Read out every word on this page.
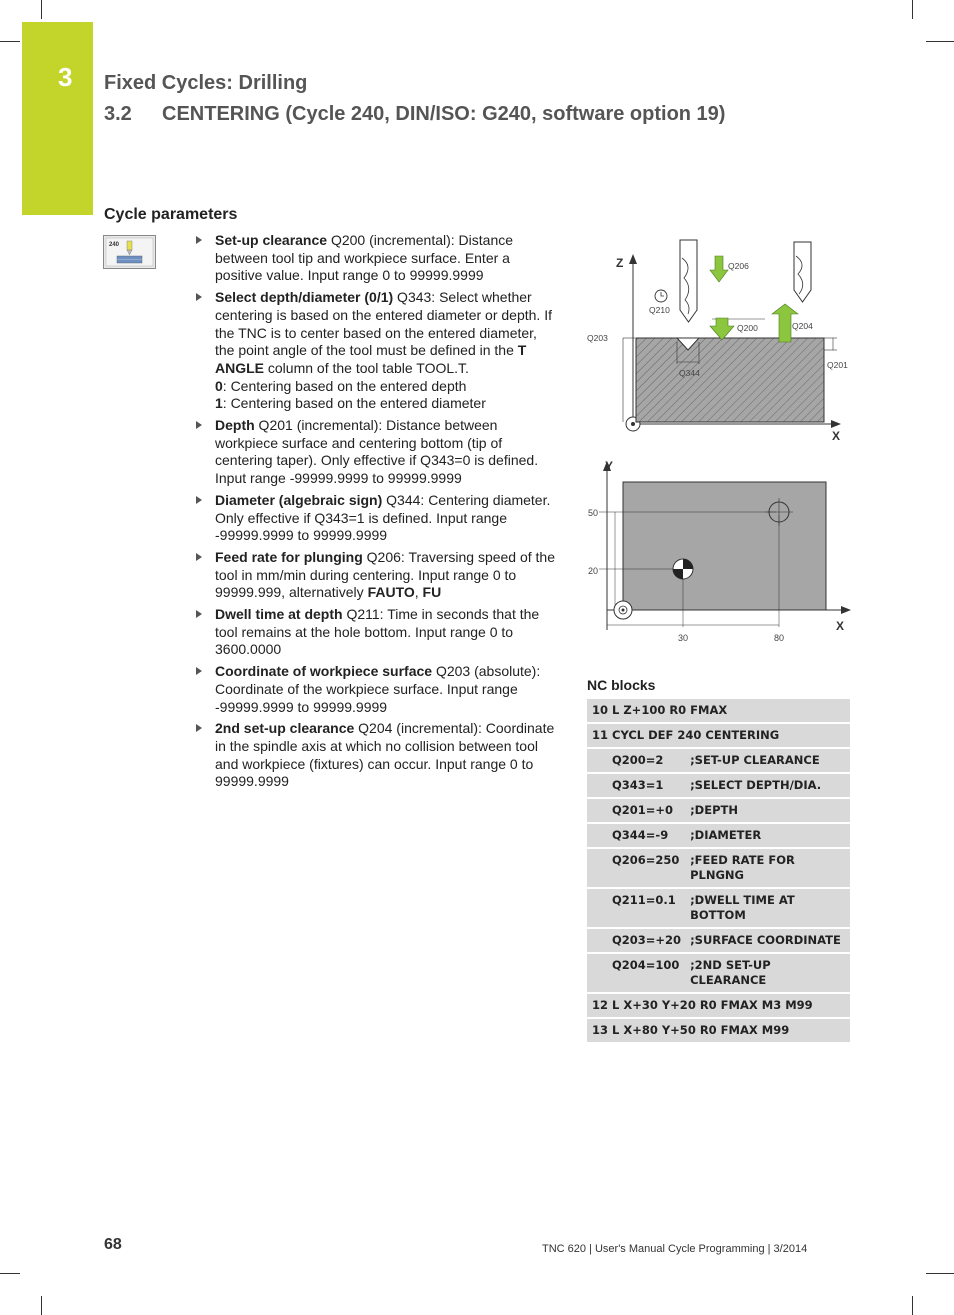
3 Fixed Cycles: Drilling
3.2 CENTERING (Cycle 240, DIN/ISO: G240, software option 19)
Cycle parameters
240	Set-up clearance Q200 (incremental): Distance between tool tip and workpiece surface. Enter a positive value. Input range 0 to 99999.9999
Select depth/diameter (0/1) Q343: Select whether centering is based on the entered diameter or depth. If the TNC is to center based on the entered diameter, the point angle of the tool must be defined in the T ANGLE column of the tool table TOOL.T.
0: Centering based on the entered depth
1: Centering based on the entered diameter
Depth Q201 (incremental): Distance between workpiece surface and centering bottom (tip of centering taper). Only effective if Q343=0 is defined. Input range -99999.9999 to 99999.9999
Diameter (algebraic sign) Q344: Centering diameter. Only effective if Q343=1 is defined. Input range -99999.9999 to 99999.9999
Feed rate for plunging Q206: Traversing speed of the tool in mm/min during centering. Input range 0 to 99999.999, alternatively FAUTO, FU
Dwell time at depth Q211: Time in seconds that the tool remains at the hole bottom. Input range 0 to 3600.0000
Coordinate of workpiece surface Q203 (absolute): Coordinate of the workpiece surface. Input range -99999.9999 to 99999.9999
2nd set-up clearance Q204 (incremental): Coordinate in the spindle axis at which no collision between tool and workpiece (fixtures) can occur. Input range 0 to 99999.9999
Z
X
Q344
Q206
Q210
Q200	Q204
Q203
Q201
Y
X
50
20
30	80
NC blocks
10 L Z+100 R0 FMAX	
11 CYCL DEF 240 CENTERING	
Q200=2	;SET-UP CLEARANCE
Q343=1	;SELECT DEPTH/DIA.
Q201=+0	;DEPTH
Q344=-9	;DIAMETER
Q206=250	;FEED RATE FOR PLNGNG
Q211=0.1	;DWELL TIME AT BOTTOM
Q203=+20	;SURFACE COORDINATE
Q204=100	;2ND SET-UP CLEARANCE
12 L X+30 Y+20 R0 FMAX M3 M99	
13 L X+80 Y+50 R0 FMAX M99	
68	TNC 620 | User's Manual Cycle Programming | 3/2014
